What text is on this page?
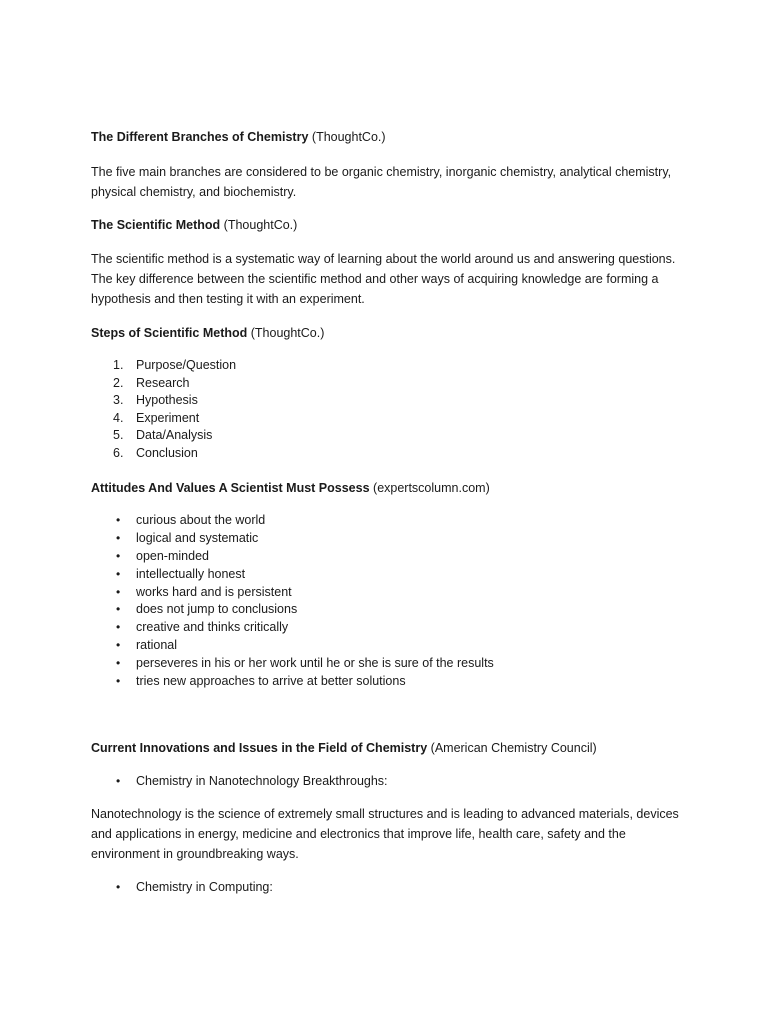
The Different Branches of Chemistry (ThoughtCo.)

The five main branches are considered to be organic chemistry, inorganic chemistry, analytical chemistry, physical chemistry, and biochemistry.

The Scientific Method (ThoughtCo.)

The scientific method is a systematic way of learning about the world around us and answering questions. The key difference between the scientific method and other ways of acquiring knowledge are forming a hypothesis and then testing it with an experiment.

Steps of Scientific Method (ThoughtCo.)
1.	Purpose/Question
2.	Research
3.	Hypothesis
4.	Experiment
5.	Data/Analysis
6.	Conclusion
Attitudes And Values A Scientist Must Possess (expertscolumn.com)
•	curious about the world
•	logical and systematic
•	open-minded
•	intellectually honest
•	works hard and is persistent
•	does not jump to conclusions
•	creative and thinks critically
•	rational
•	perseveres in his or her work until he or she is sure of the results
•	tries new approaches to arrive at better solutions
Current Innovations and Issues in the Field of Chemistry (American Chemistry Council)
•	Chemistry in Nanotechnology Breakthroughs:

Nanotechnology is the science of extremely small structures and is leading to advanced materials, devices and applications in energy, medicine and electronics that improve life, health care, safety and the environment in groundbreaking ways.

•	Chemistry in Computing:
